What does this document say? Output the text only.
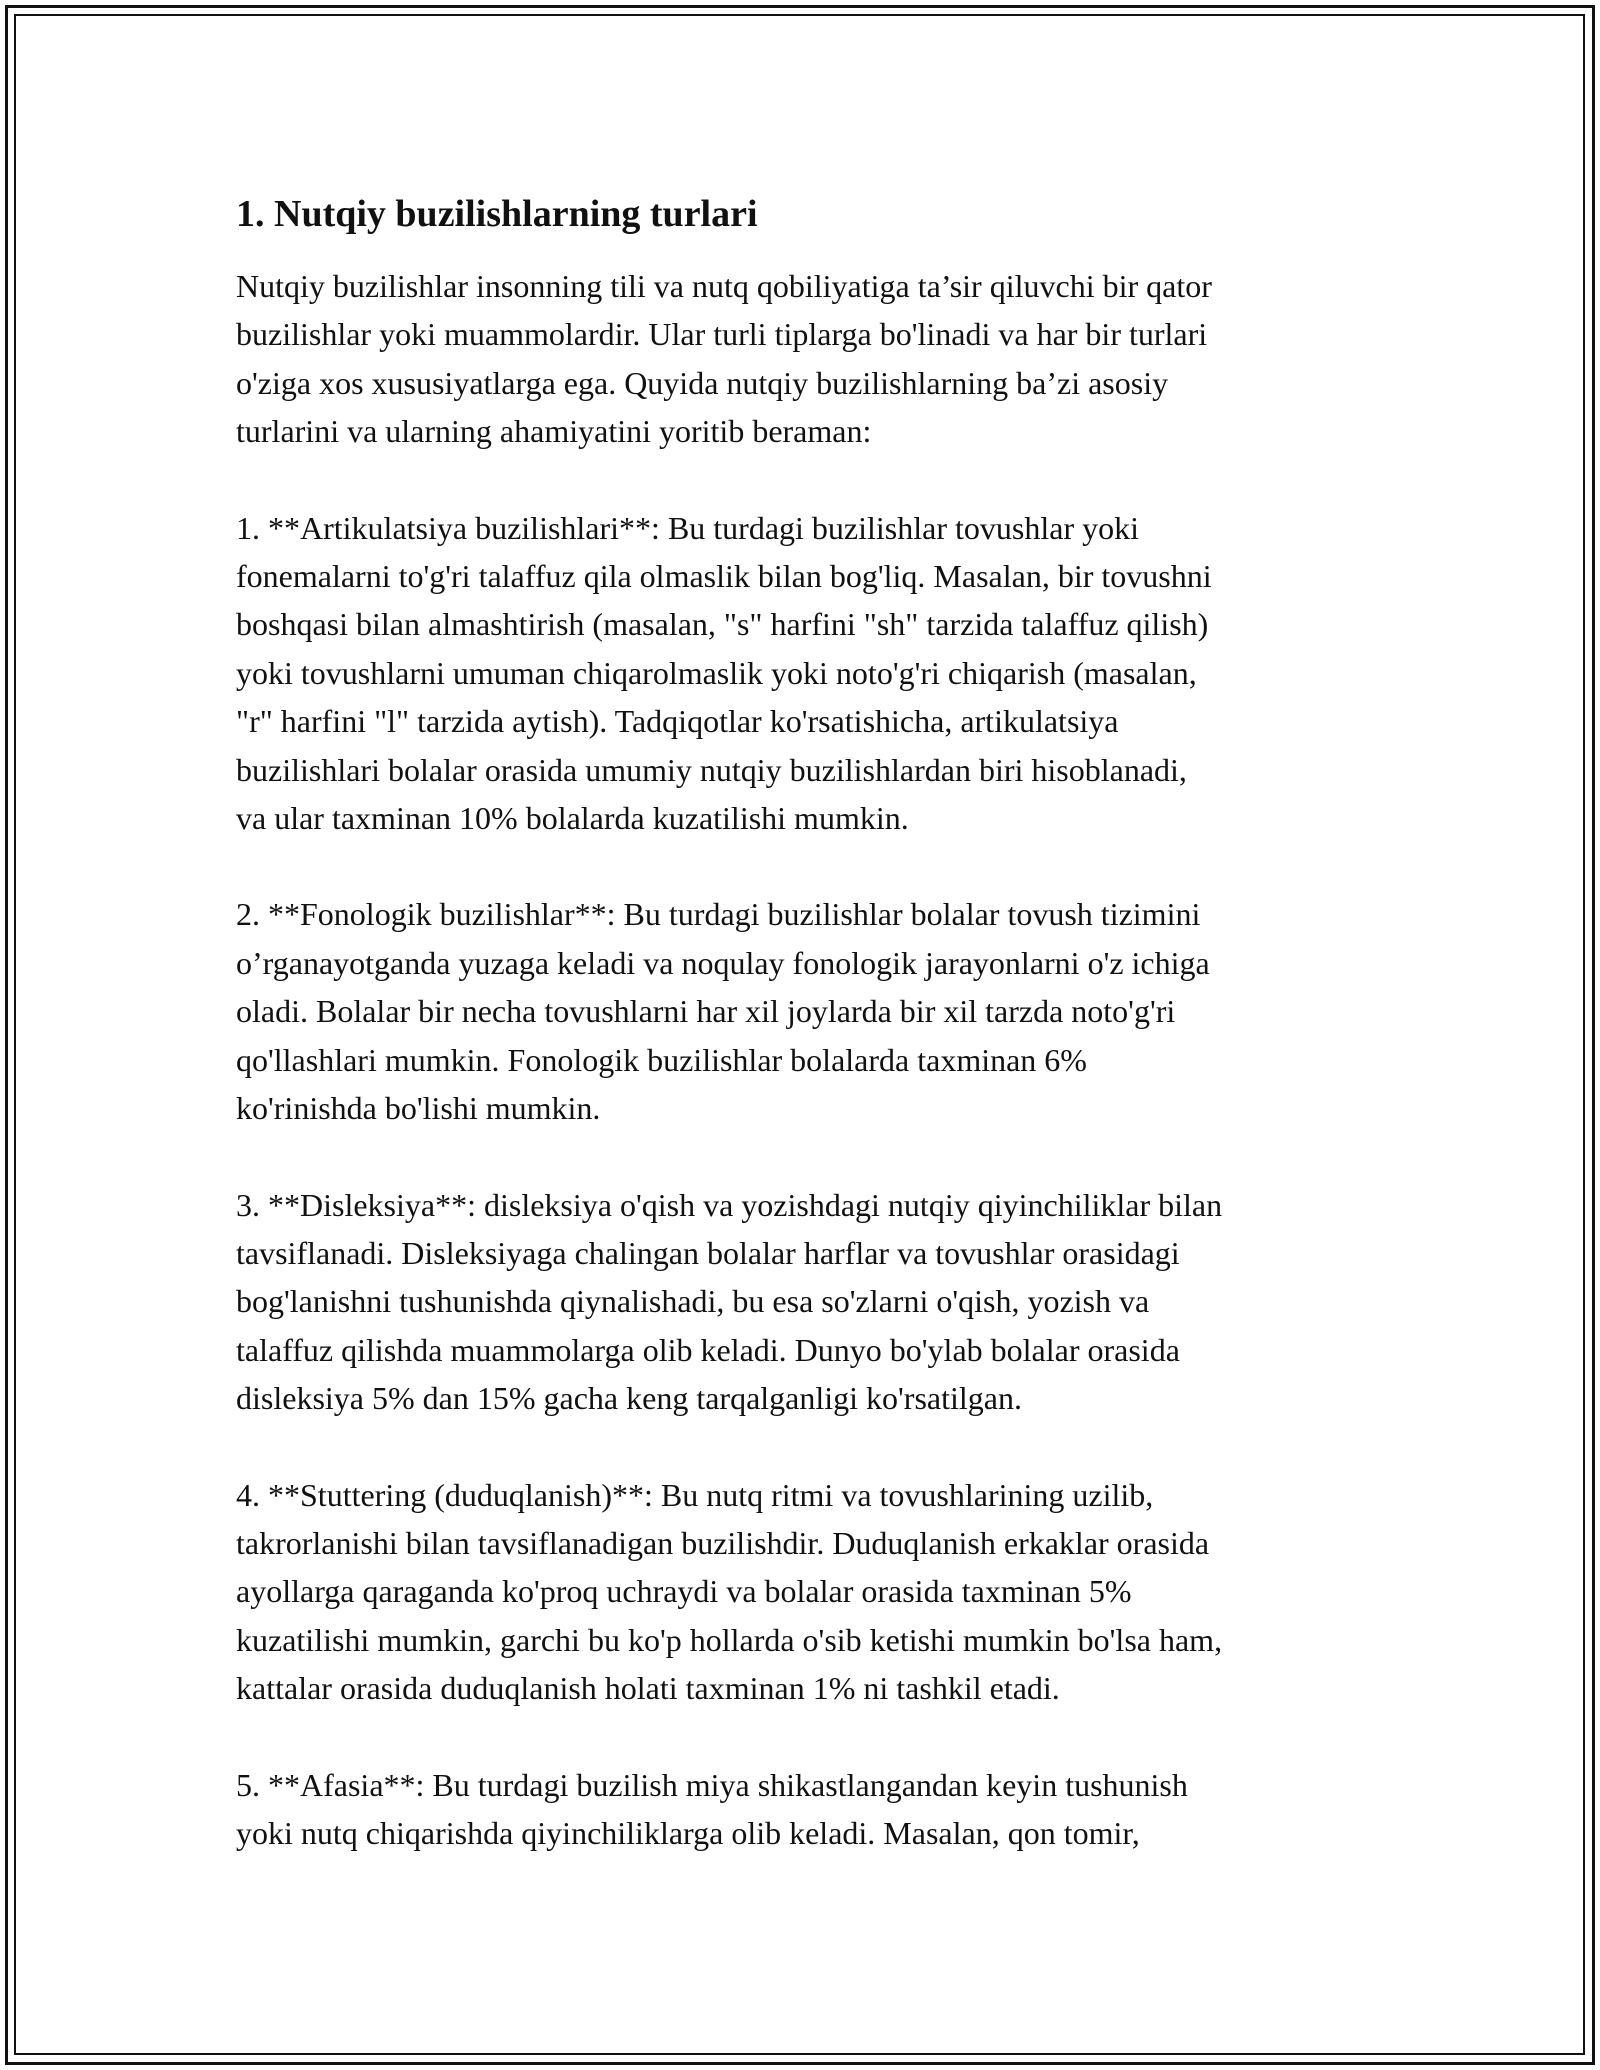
1. Nutqiy buzilishlarning turlari
Nutqiy buzilishlar insonning tili va nutq qobiliyatiga ta’sir qiluvchi bir qator
buzilishlar yoki muammolardir. Ular turli tiplarga bo'linadi va har bir turlari
o'ziga xos xususiyatlarga ega. Quyida nutqiy buzilishlarning ba’zi asosiy
turlarini va ularning ahamiyatini yoritib beraman:
1. **Artikulatsiya buzilishlari**: Bu turdagi buzilishlar tovushlar yoki
fonemalarni to'g'ri talaffuz qila olmaslik bilan bog'liq. Masalan, bir tovushni
boshqasi bilan almashtirish (masalan, "s" harfini "sh" tarzida talaffuz qilish)
yoki tovushlarni umuman chiqarolmaslik yoki noto'g'ri chiqarish (masalan,
"r" harfini "l" tarzida aytish). Tadqiqotlar ko'rsatishicha, artikulatsiya
buzilishlari bolalar orasida umumiy nutqiy buzilishlardan biri hisoblanadi,
va ular taxminan 10% bolalarda kuzatilishi mumkin.
2. **Fonologik buzilishlar**: Bu turdagi buzilishlar bolalar tovush tizimini
o’rganayotganda yuzaga keladi va noqulay fonologik jarayonlarni o'z ichiga
oladi. Bolalar bir necha tovushlarni har xil joylarda bir xil tarzda noto'g'ri
qo'llashlari mumkin. Fonologik buzilishlar bolalarda taxminan 6%
ko'rinishda bo'lishi mumkin.
3. **Disleksiya**: disleksiya o'qish va yozishdagi nutqiy qiyinchiliklar bilan
tavsiflanadi. Disleksiyaga chalingan bolalar harflar va tovushlar orasidagi
bog'lanishni tushunishda qiynalishadi, bu esa so'zlarni o'qish, yozish va
talaffuz qilishda muammolarga olib keladi. Dunyo bo'ylab bolalar orasida
disleksiya 5% dan 15% gacha keng tarqalganligi ko'rsatilgan.
4. **Stuttering (duduqlanish)**: Bu nutq ritmi va tovushlarining uzilib,
takrorlanishi bilan tavsiflanadigan buzilishdir. Duduqlanish erkaklar orasida
ayollarga qaraganda ko'proq uchraydi va bolalar orasida taxminan 5%
kuzatilishi mumkin, garchi bu ko'p hollarda o'sib ketishi mumkin bo'lsa ham,
kattalar orasida duduqlanish holati taxminan 1% ni tashkil etadi.
5. **Afasia**: Bu turdagi buzilish miya shikastlangandan keyin tushunish
yoki nutq chiqarishda qiyinchiliklarga olib keladi. Masalan, qon tomir,
